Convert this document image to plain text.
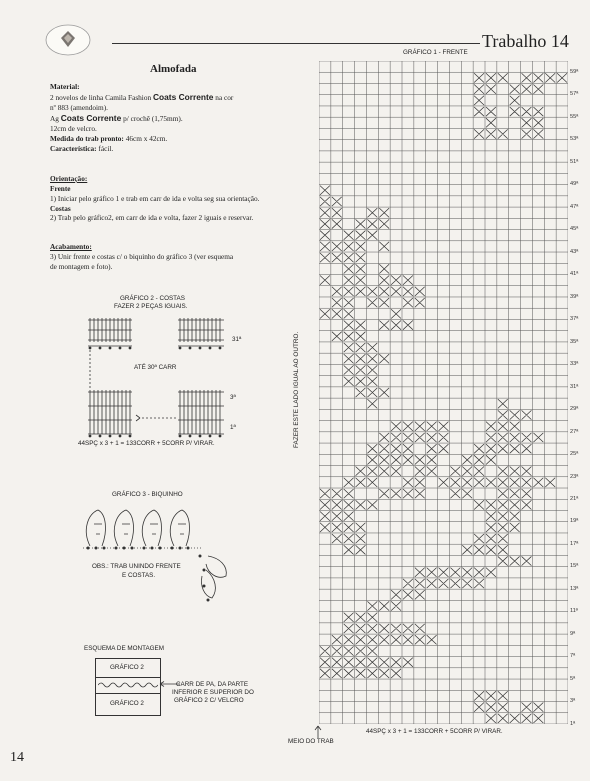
Trabalho 14
Almofada
Material:
2 novelos de linha Camila Fashion Coats Corrente na cor
nº 883 (amendoim).
Ag Coats Corrente p/ crochê (1,75mm).
12cm de velcro.
Medida do trab pronto: 46cm x 42cm.
Característica: fácil.
Orientação:
Frente
1) Iniciar pelo gráfico 1 e trab em carr de ida e volta seg sua orientação.
Costas
2) Trab pelo gráfico2, em carr de ida e volta, fazer 2 iguais e reservar.
Acabamento:
3) Unir frente e costas c/ o biquinho do gráfico 3 (ver esquema
de montagem e foto).
GRÁFICO 2 - COSTAS
FAZER 2 PEÇAS IGUAIS.
31ª
ATÉ 30ª CARR
3ª
1ª
44SPÇ x 3 + 1 = 133CORR + 5CORR P/ VIRAR.
GRÁFICO 3 - BIQUINHO
OBS.: TRAB UNINDO FRENTE
E COSTAS.
ESQUEMA DE MONTAGEM
GRÁFICO 2
GRÁFICO 2
CARR DE PA, DA PARTE
INFERIOR E SUPERIOR DO
GRÁFICO 2 C/ VELCRO
GRÁFICO 1 - FRENTE
59ª
57ª
55ª
53ª
51ª
49ª
47ª
45ª
43ª
41ª
39ª
37ª
35ª
33ª
31ª
29ª
27ª
25ª
23ª
21ª
19ª
17ª
15ª
13ª
11ª
9ª
7ª
5ª
3ª
1ª
FAZER ESTE LADO IGUAL AO OUTRO.
MEIO DO TRAB
44SPÇ x 3 + 1 = 133CORR + 5CORR P/ VIRAR.
14
